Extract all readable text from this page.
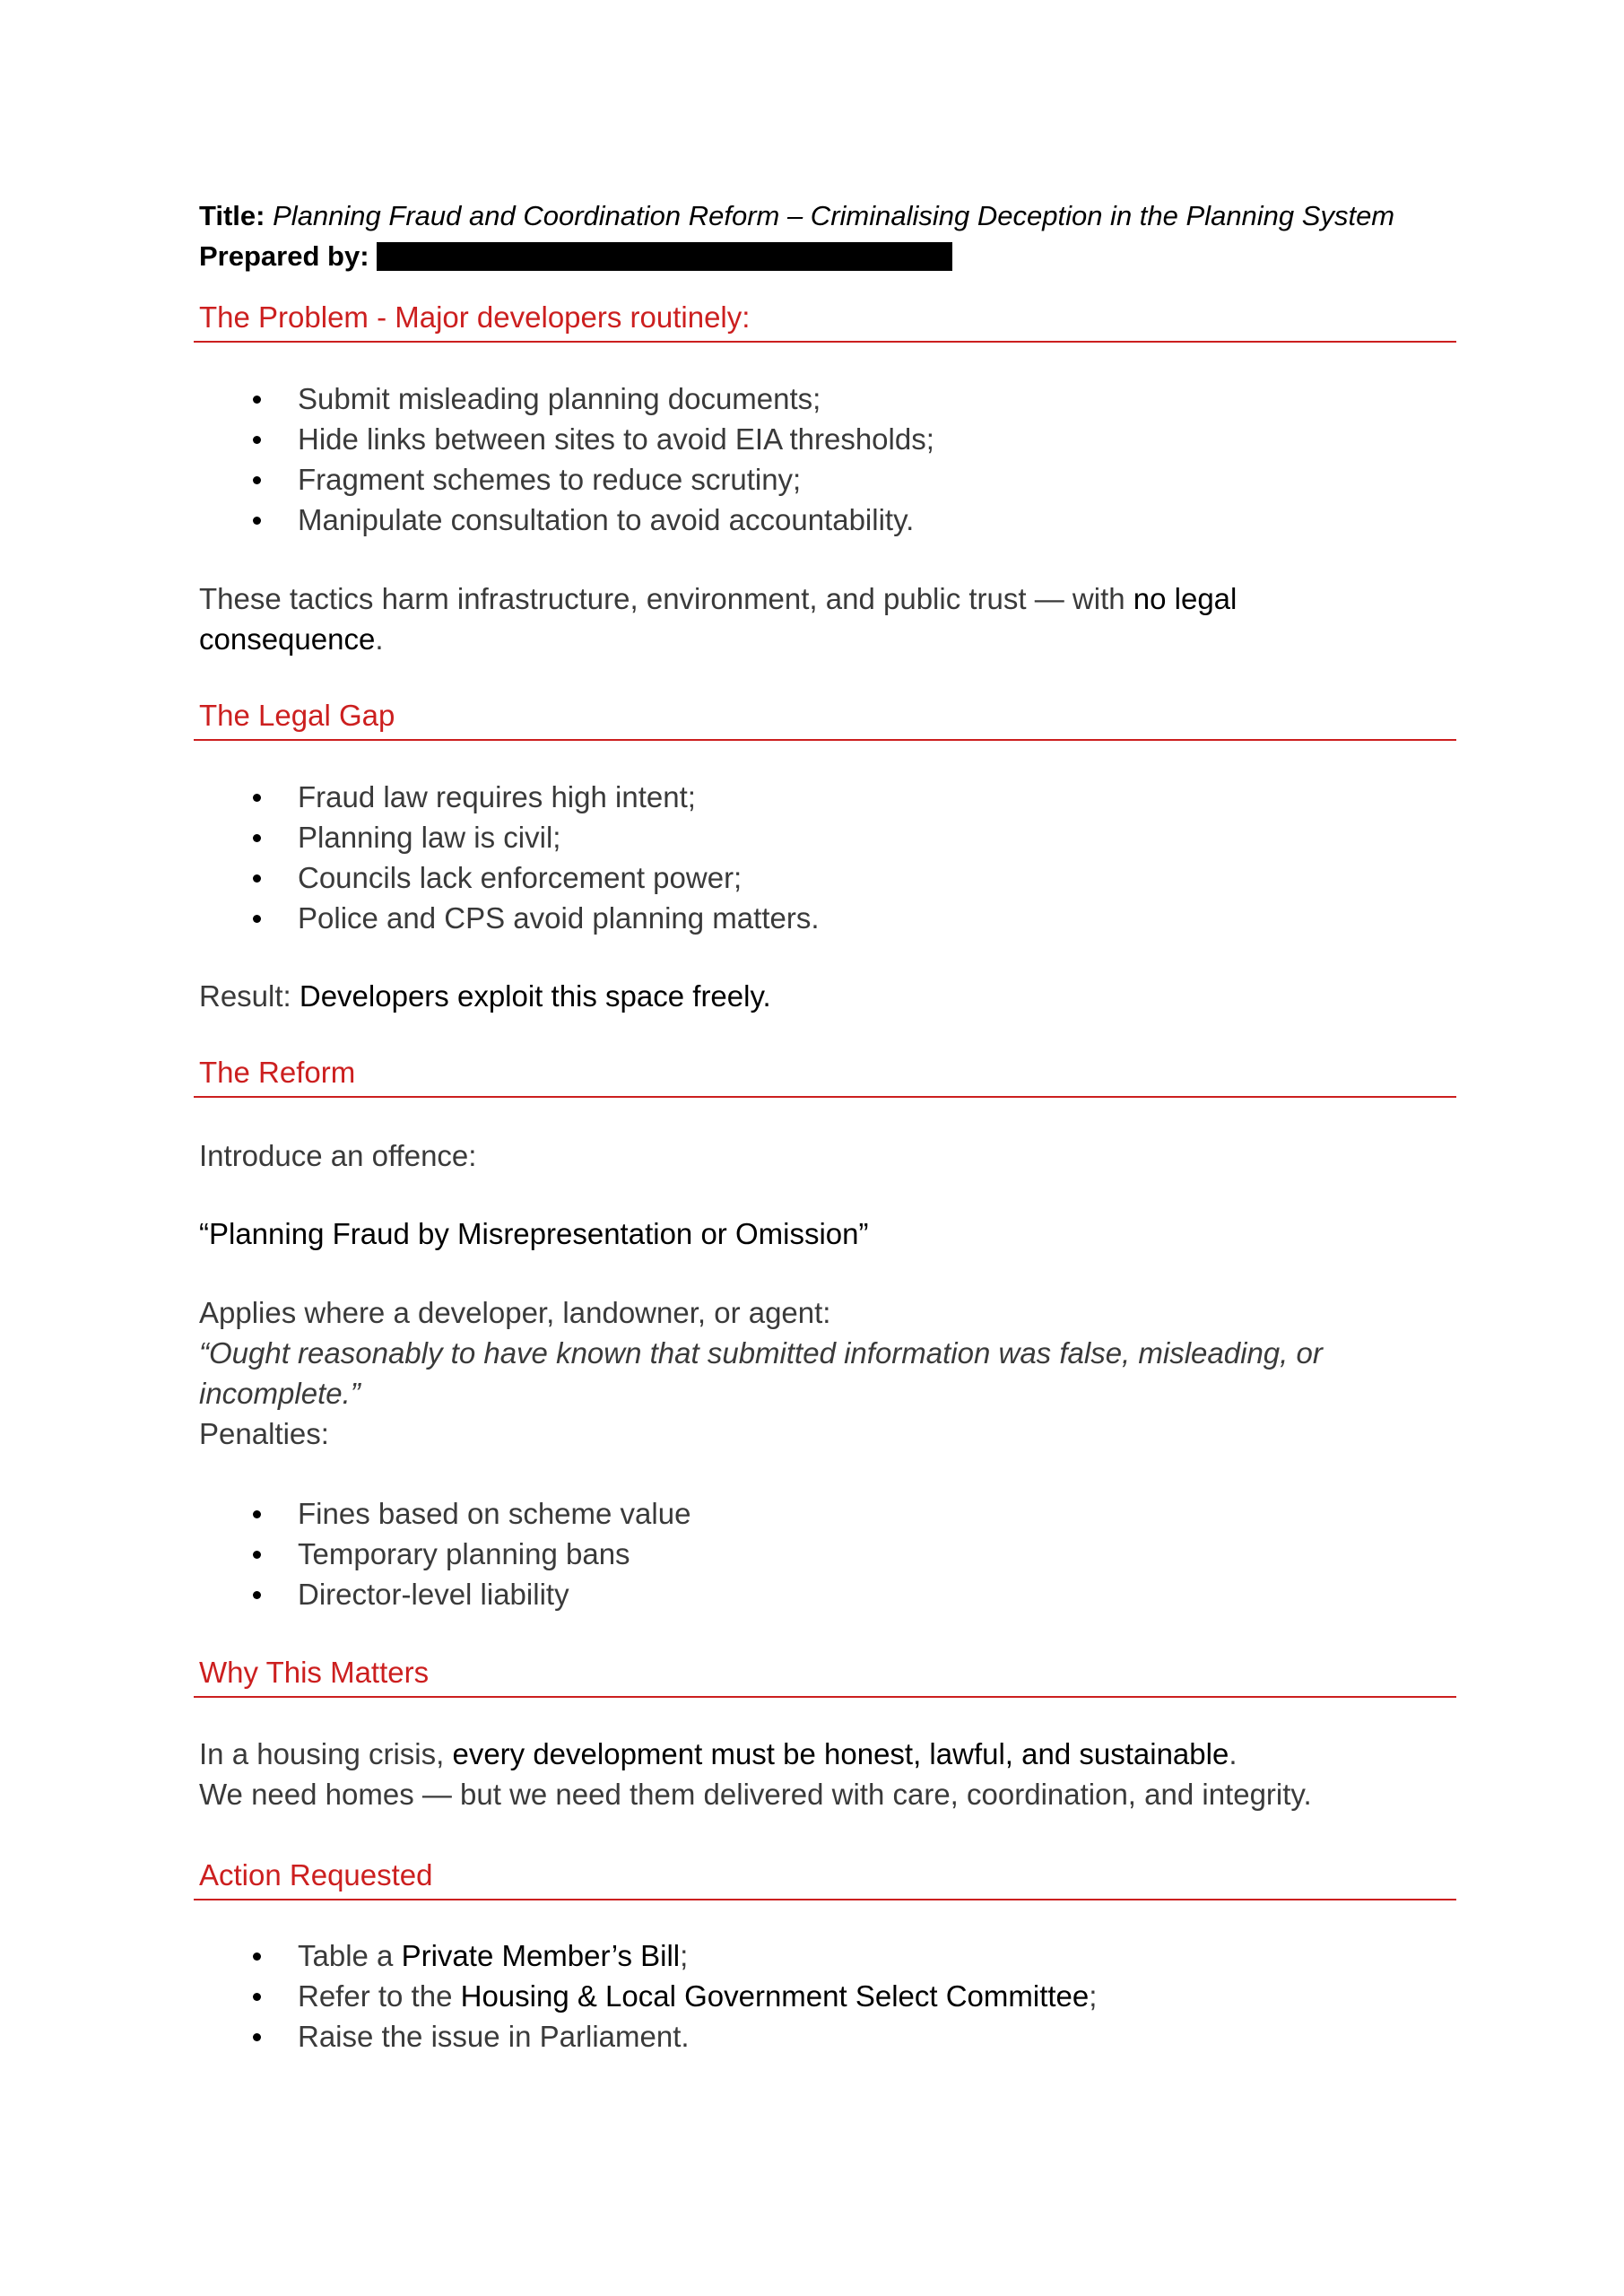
Title: Planning Fraud and Coordination Reform – Criminalising Deception in the Planning System
Prepared by:
The Problem - Major developers routinely:
Submit misleading planning documents;
Hide links between sites to avoid EIA thresholds;
Fragment schemes to reduce scrutiny;
Manipulate consultation to avoid accountability.
These tactics harm infrastructure, environment, and public trust — with no legal
consequence.
The Legal Gap
Fraud law requires high intent;
Planning law is civil;
Councils lack enforcement power;
Police and CPS avoid planning matters.
Result: Developers exploit this space freely.
The Reform
Introduce an offence:
“Planning Fraud by Misrepresentation or Omission”
Applies where a developer, landowner, or agent:
“Ought reasonably to have known that submitted information was false, misleading, or
incomplete.”
Penalties:
Fines based on scheme value
Temporary planning bans
Director-level liability
Why This Matters
In a housing crisis, every development must be honest, lawful, and sustainable.
We need homes — but we need them delivered with care, coordination, and integrity.
Action Requested
Table a Private Member’s Bill;
Refer to the Housing & Local Government Select Committee;
Raise the issue in Parliament.
